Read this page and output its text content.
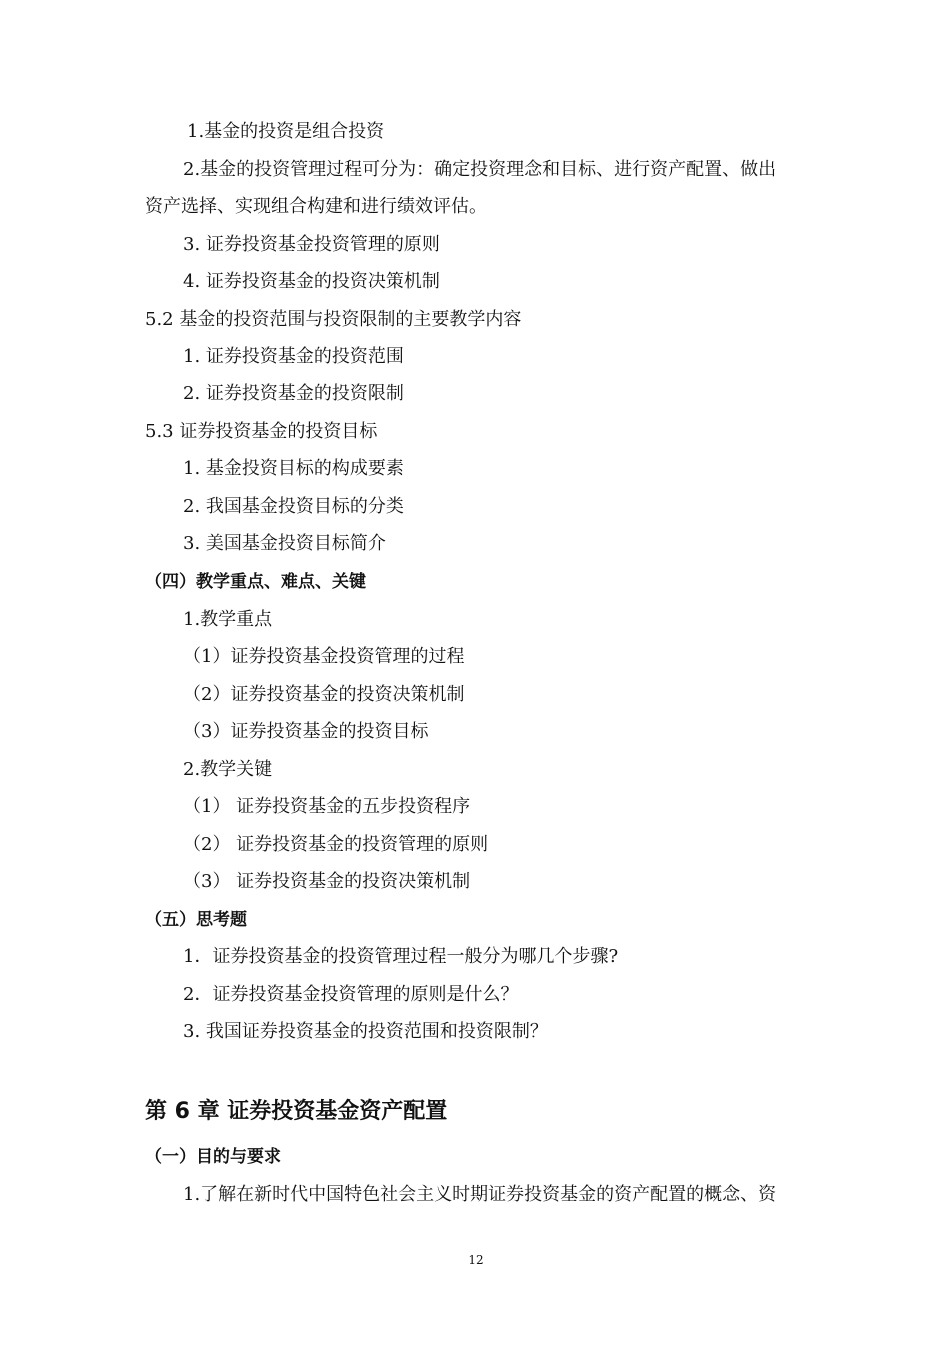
1.基金的投资是组合投资
2.基金的投资管理过程可分为：确定投资理念和目标、进行资产配置、做出
资产选择、实现组合构建和进行绩效评估。
3. 证券投资基金投资管理的原则
4. 证券投资基金的投资决策机制
5.2 基金的投资范围与投资限制的主要教学内容
1. 证券投资基金的投资范围
2. 证券投资基金的投资限制
5.3 证券投资基金的投资目标
1. 基金投资目标的构成要素
2. 我国基金投资目标的分类
3. 美国基金投资目标简介
（四）教学重点、难点、关键
1.教学重点
（1）证券投资基金投资管理的过程
（2）证券投资基金的投资决策机制
（3）证券投资基金的投资目标
2.教学关键
（1） 证券投资基金的五步投资程序
（2） 证券投资基金的投资管理的原则
（3） 证券投资基金的投资决策机制
（五）思考题
1．证券投资基金的投资管理过程一般分为哪几个步骤?
2．证券投资基金投资管理的原则是什么？
3. 我国证券投资基金的投资范围和投资限制？
第 6 章 证券投资基金资产配置
（一）目的与要求
1.了解在新时代中国特色社会主义时期证券投资基金的资产配置的概念、资
12
